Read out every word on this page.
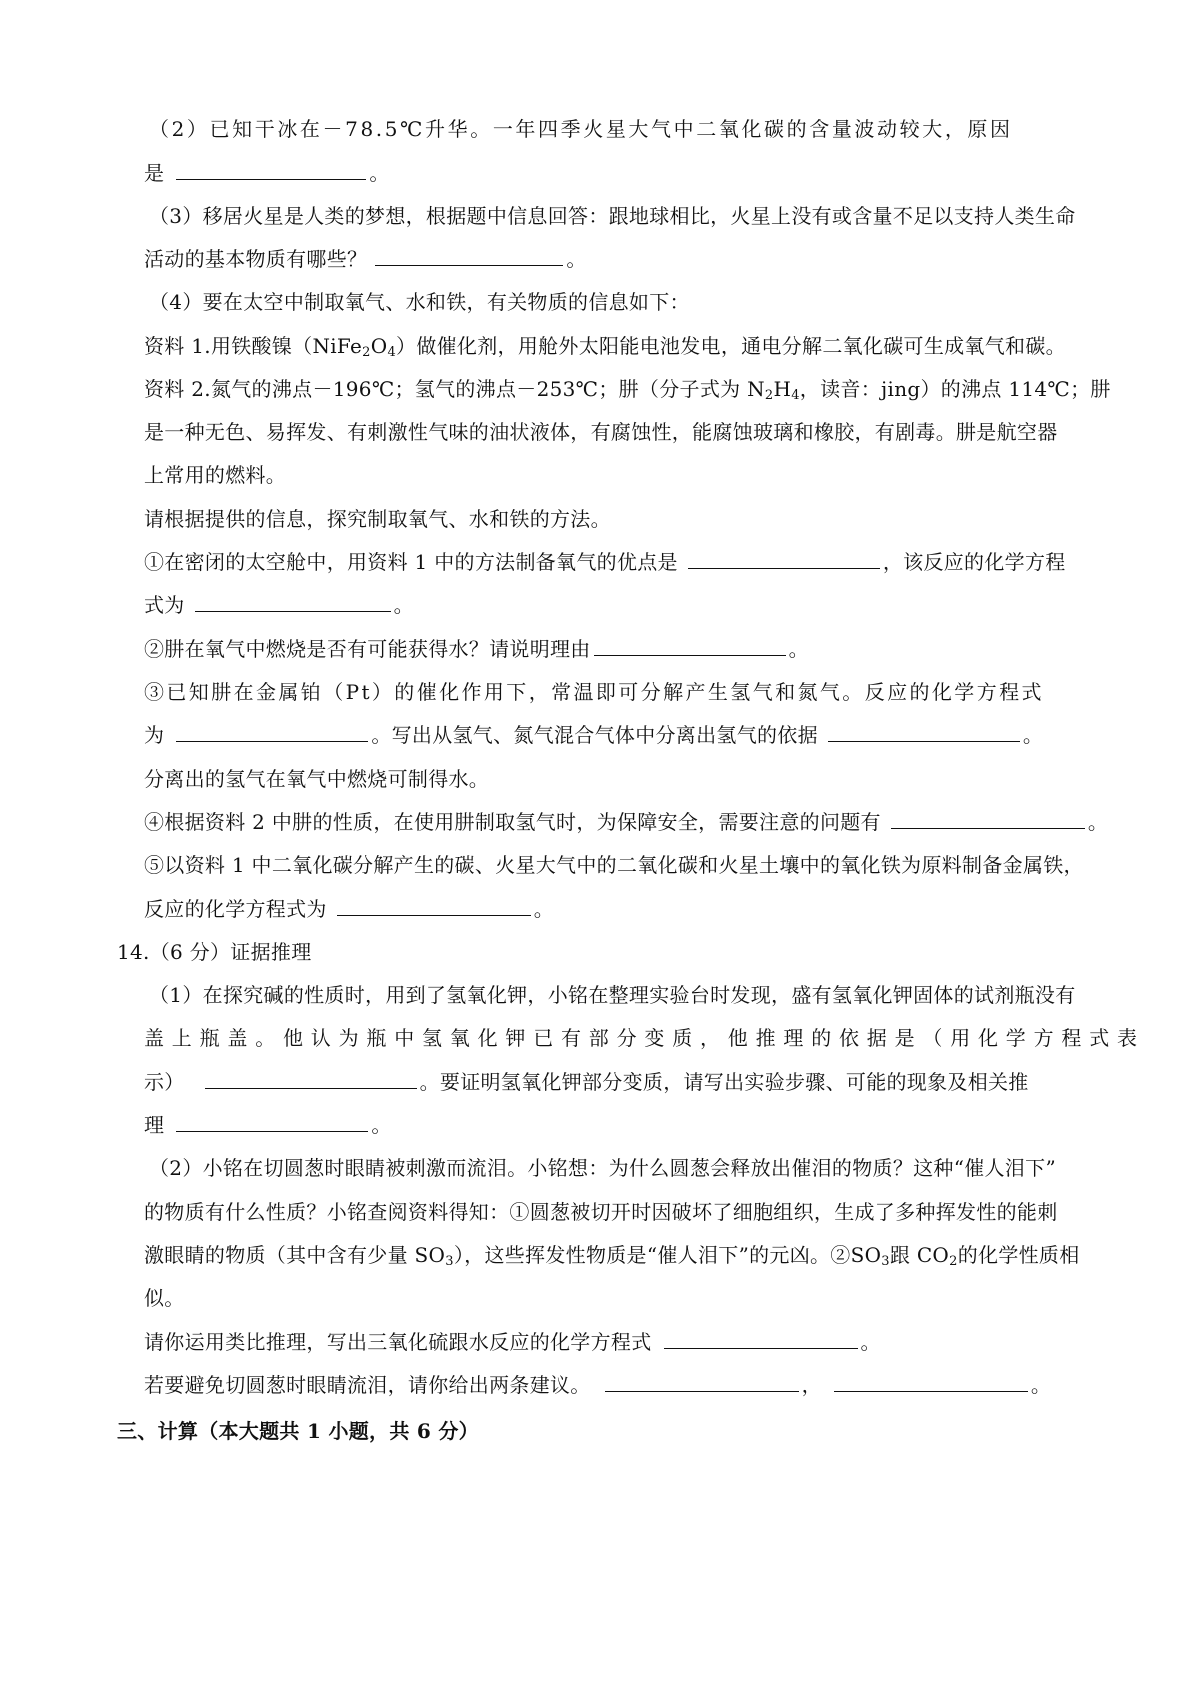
（2）已知干冰在－78.5℃升华。一年四季火星大气中二氧化碳的含量波动较大，原因
是	。
（3）移居火星是人类的梦想，根据题中信息回答：跟地球相比，火星上没有或含量不足以支持人类生命
活动的基本物质有哪些？	。
（4）要在太空中制取氧气、水和铁，有关物质的信息如下：
资料 1.用铁酸镍$(NiFe_2O_4)$做催化剂，用舱外太阳能电池发电，通电分解二氧化碳可生成氧气和碳。
资料 2.氮气的沸点－196℃；氢气的沸点－253℃；肼（分子式为 $N_2H_4$，读音：jing）的沸点 114℃；肼
是一种无色、易挥发、有刺激性气味的油状液体，有腐蚀性，能腐蚀玻璃和橡胶，有剧毒。肼是航空器
上常用的燃料。
请根据提供的信息，探究制取氧气、水和铁的方法。
①在密闭的太空舱中，用资料 1 中的方法制备氧气的优点是	，该反应的化学方程
式为	。
②肼在氧气中燃烧是否有可能获得水？请说明理由	。
③已知肼在金属铂（Pt）的催化作用下，常温即可分解产生氢气和氮气。反应的化学方程式
为	。写出从氢气、氮气混合气体中分离出氢气的依据	。
分离出的氢气在氧气中燃烧可制得水。
④根据资料 2 中肼的性质，在使用肼制取氢气时，为保障安全，需要注意的问题有	。
⑤以资料 1 中二氧化碳分解产生的碳、火星大气中的二氧化碳和火星土壤中的氧化铁为原料制备金属铁，
反应的化学方程式为	。
14.（6 分）证据推理
（1）在探究碱的性质时，用到了氢氧化钾，小铭在整理实验台时发现，盛有氢氧化钾固体的试剂瓶没有
盖上瓶盖。他认为瓶中氢氧化钾已有部分变质，他推理的依据是（用化学方程式表
示）	。要证明氢氧化钾部分变质，请写出实验步骤、可能的现象及相关推
理	。
（2）小铭在切圆葱时眼睛被刺激而流泪。小铭想：为什么圆葱会释放出催泪的物质？这种“催人泪下”
的物质有什么性质？小铭查阅资料得知：①圆葱被切开时因破坏了细胞组织，生成了多种挥发性的能刺
激眼睛的物质（其中含有少量 $SO_3$），这些挥发性物质是“催人泪下”的元凶。$②SO_3$跟 $CO_2$的化学性质相
似。
请你运用类比推理，写出三氧化硫跟水反应的化学方程式	。
若要避免切圆葱时眼睛流泪，请你给出两条建议。	，	。
三、计算（本大题共 1 小题，共 6 分）
